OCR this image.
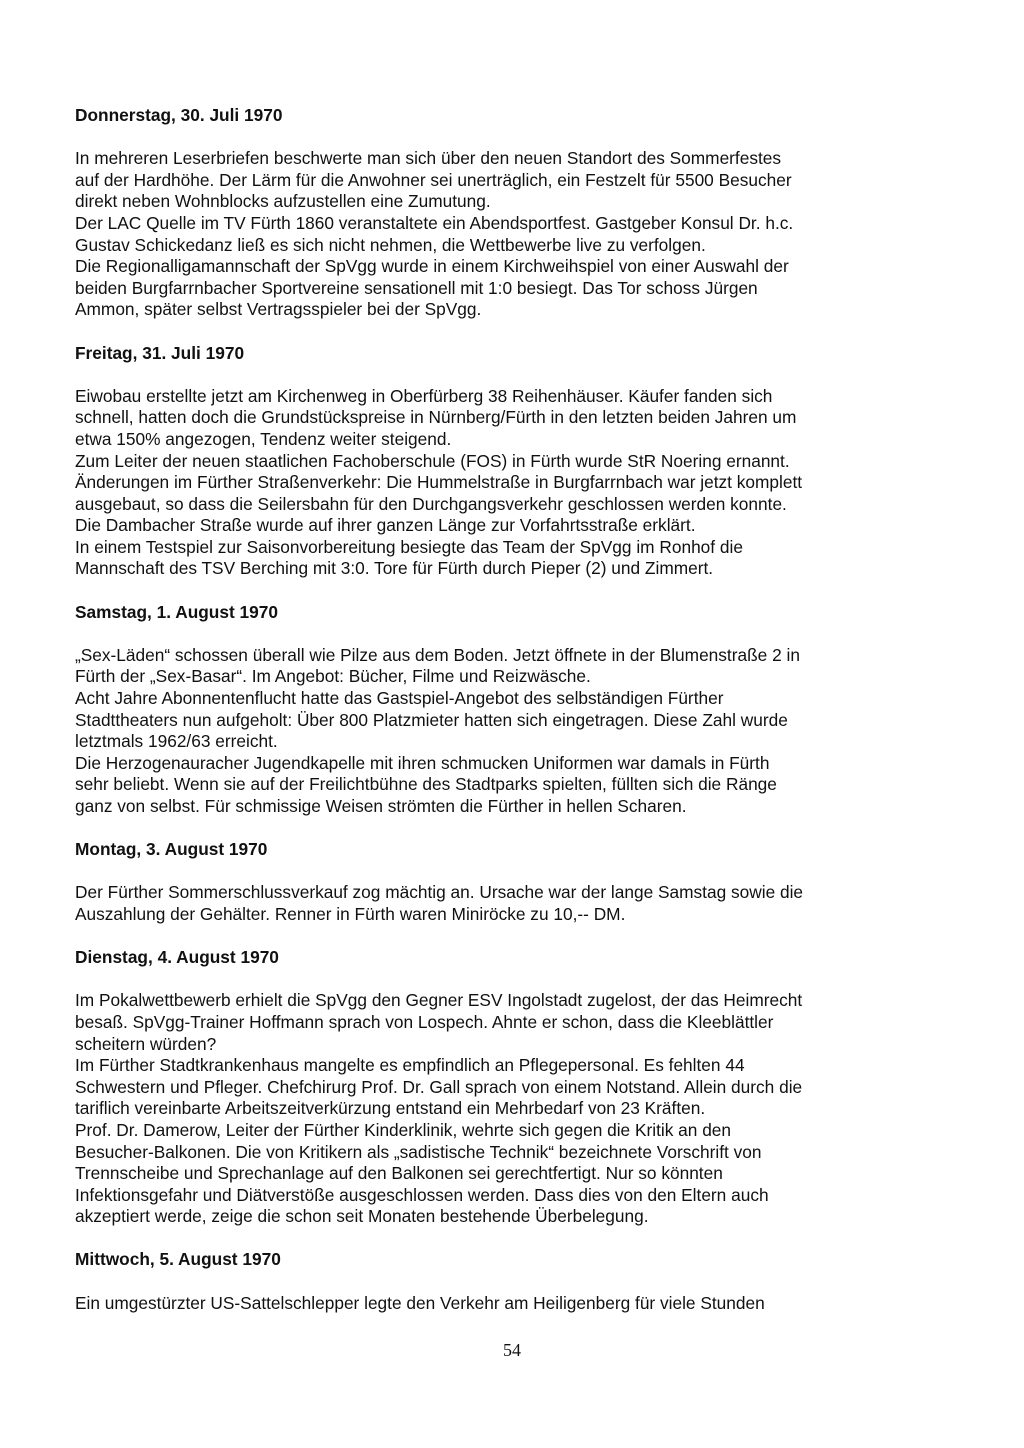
Donnerstag, 30. Juli 1970

In mehreren Leserbriefen beschwerte man sich über den neuen Standort des Sommerfestes
auf der Hardhöhe. Der Lärm für die Anwohner sei unerträglich, ein Festzelt für 5500 Besucher
direkt neben Wohnblocks aufzustellen eine Zumutung.
Der LAC Quelle im TV Fürth 1860 veranstaltete ein Abendsportfest. Gastgeber Konsul Dr. h.c.
Gustav Schickedanz ließ es sich nicht nehmen, die Wettbewerbe live zu verfolgen.
Die Regionalligamannschaft der SpVgg wurde in einem Kirchweihspiel von einer Auswahl der
beiden Burgfarrnbacher Sportvereine sensationell mit 1:0 besiegt. Das Tor schoss Jürgen
Ammon, später selbst Vertragsspieler bei der SpVgg.

Freitag, 31. Juli 1970

Eiwobau erstellte jetzt am Kirchenweg in Oberfürberg 38 Reihenhäuser. Käufer fanden sich
schnell, hatten doch die Grundstückspreise in Nürnberg/Fürth in den letzten beiden Jahren um
etwa 150% angezogen, Tendenz weiter steigend.
Zum Leiter der neuen staatlichen Fachoberschule (FOS) in Fürth wurde StR Noering ernannt.
Änderungen im Fürther Straßenverkehr: Die Hummelstraße in Burgfarrnbach war jetzt komplett
ausgebaut, so dass die Seilersbahn für den Durchgangsverkehr geschlossen werden konnte.
Die Dambacher Straße wurde auf ihrer ganzen Länge zur Vorfahrtsstraße erklärt.
In einem Testspiel zur Saisonvorbereitung besiegte das Team der SpVgg im Ronhof die
Mannschaft des TSV Berching mit 3:0. Tore für Fürth durch Pieper (2) und Zimmert.

Samstag, 1. August 1970

„Sex-Läden“ schossen überall wie Pilze aus dem Boden. Jetzt öffnete in der Blumenstraße 2 in
Fürth der „Sex-Basar“. Im Angebot: Bücher, Filme und Reizwäsche.
Acht Jahre Abonnentenflucht hatte das Gastspiel-Angebot des selbständigen Fürther
Stadttheaters nun aufgeholt: Über 800 Platzmieter hatten sich eingetragen. Diese Zahl wurde
letztmals 1962/63 erreicht.
Die Herzogenauracher Jugendkapelle mit ihren schmucken Uniformen war damals in Fürth
sehr beliebt. Wenn sie auf der Freilichtbühne des Stadtparks spielten, füllten sich die Ränge
ganz von selbst. Für schmissige Weisen strömten die Fürther in hellen Scharen.

Montag, 3. August 1970

Der Fürther Sommerschlussverkauf zog mächtig an. Ursache war der lange Samstag sowie die
Auszahlung der Gehälter. Renner in Fürth waren Miniröcke zu 10,-- DM.

Dienstag, 4. August 1970

Im Pokalwettbewerb erhielt die SpVgg den Gegner ESV Ingolstadt zugelost, der das Heimrecht
besaß. SpVgg-Trainer Hoffmann sprach von Lospech. Ahnte er schon, dass die Kleeblättler
scheitern würden?
Im Fürther Stadtkrankenhaus mangelte es empfindlich an Pflegepersonal. Es fehlten 44
Schwestern und Pfleger. Chefchirurg Prof. Dr. Gall sprach von einem Notstand. Allein durch die
tariflich vereinbarte Arbeitszeitverkürzung entstand ein Mehrbedarf von 23 Kräften.
Prof. Dr. Damerow, Leiter der Fürther Kinderklinik, wehrte sich gegen die Kritik an den
Besucher-Balkonen. Die von Kritikern als „sadistische Technik“ bezeichnete Vorschrift von
Trennscheibe und Sprechanlage auf den Balkonen sei gerechtfertigt. Nur so könnten
Infektionsgefahr und Diätverstöße ausgeschlossen werden. Dass dies von den Eltern auch
akzeptiert werde, zeige die schon seit Monaten bestehende Überbelegung.

Mittwoch, 5. August 1970

Ein umgestürzter US-Sattelschlepper legte den Verkehr am Heiligenberg für viele Stunden

54
